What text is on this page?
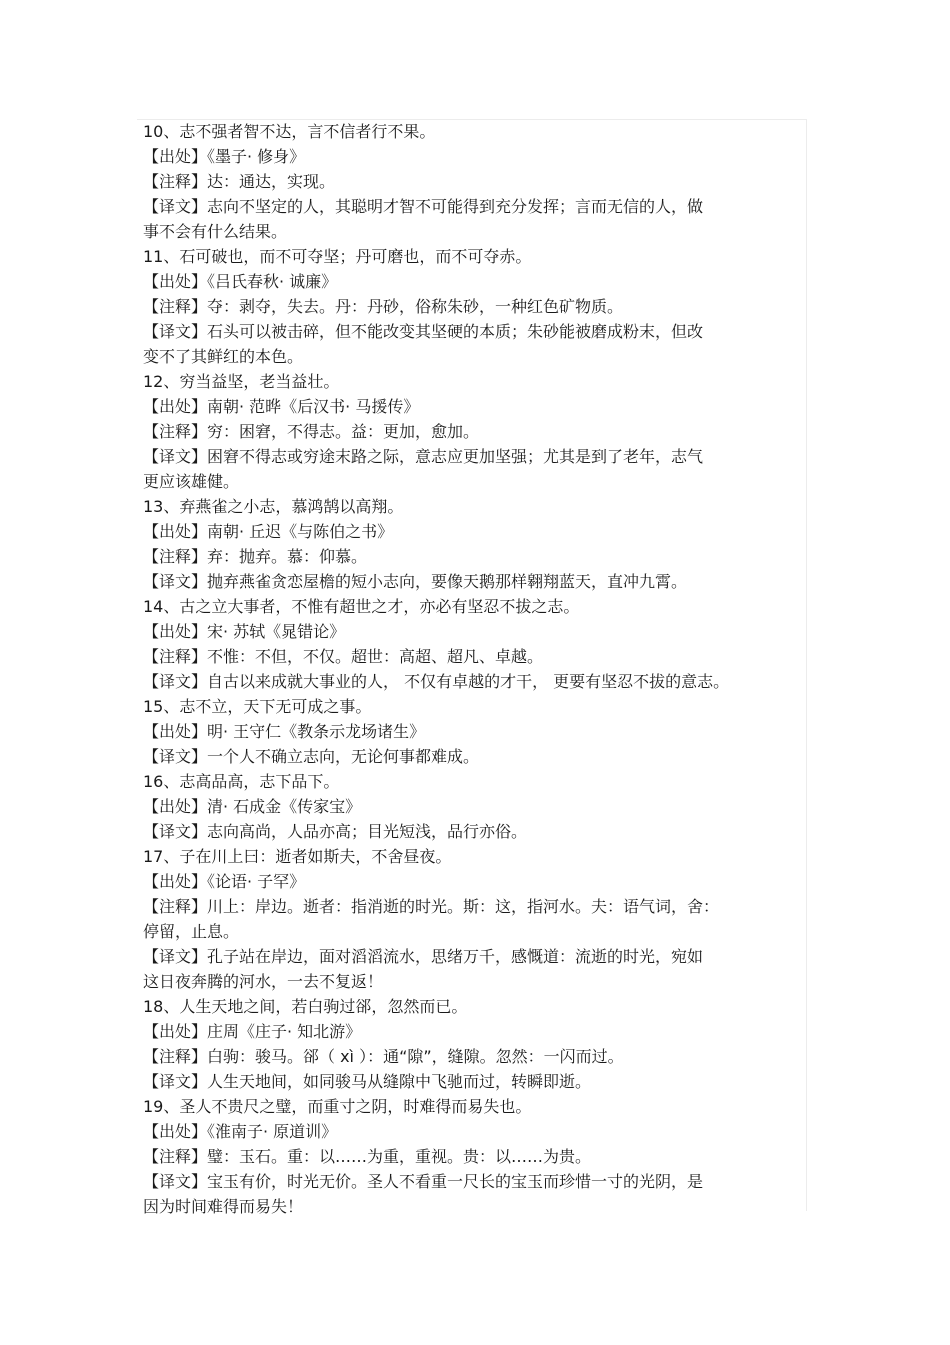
10、志不强者智不达，言不信者行不果。
【出处】《墨子· 修身》
【注释】达：通达，实现。
【译文】志向不坚定的人，其聪明才智不可能得到充分发挥；言而无信的人，做
事不会有什么结果。
11、石可破也，而不可夺坚；丹可磨也，而不可夺赤。
【出处】《吕氏春秋· 诚廉》
【注释】夺：剥夺，失去。丹：丹砂，俗称朱砂，一种红色矿物质。
【译文】石头可以被击碎，但不能改变其坚硬的本质；朱砂能被磨成粉末，但改
变不了其鲜红的本色。
12、穷当益坚，老当益壮。
【出处】南朝· 范晔《后汉书· 马援传》
【注释】穷：困窘，不得志。益：更加，愈加。
【译文】困窘不得志或穷途末路之际，意志应更加坚强；尤其是到了老年，志气
更应该雄健。
13、弃燕雀之小志，慕鸿鹄以高翔。
【出处】南朝· 丘迟《与陈伯之书》
【注释】弃：抛弃。慕：仰慕。
【译文】抛弃燕雀贪恋屋檐的短小志向，要像天鹅那样翱翔蓝天，直冲九霄。
14、古之立大事者，不惟有超世之才，亦必有坚忍不拔之志。
【出处】宋· 苏轼《晁错论》
【注释】不惟：不但，不仅。超世：高超、超凡、卓越。
【译文】自古以来成就大事业的人， 不仅有卓越的才干， 更要有坚忍不拔的意志。
15、志不立，天下无可成之事。
【出处】明· 王守仁《教条示龙场诸生》
【译文】一个人不确立志向，无论何事都难成。
16、志高品高，志下品下。
【出处】清· 石成金《传家宝》
【译文】志向高尚，人品亦高；目光短浅，品行亦俗。
17、子在川上曰：逝者如斯夫，不舍昼夜。
【出处】《论语· 子罕》
【注释】川上：岸边。逝者：指消逝的时光。斯：这，指河水。夫：语气词，舍：
停留，止息。
【译文】孔子站在岸边，面对滔滔流水，思绪万千，感慨道：流逝的时光，宛如
这日夜奔腾的河水，一去不复返！
18、人生天地之间，若白驹过郤，忽然而已。
【出处】庄周《庄子· 知北游》
【注释】白驹：骏马。郤（ xì ）：通“隙”，缝隙。忽然：一闪而过。
【译文】人生天地间，如同骏马从缝隙中飞驰而过，转瞬即逝。
19、圣人不贵尺之璧，而重寸之阴，时难得而易失也。
【出处】《淮南子· 原道训》
【注释】璧：玉石。重：以……为重，重视。贵：以……为贵。
【译文】宝玉有价，时光无价。圣人不看重一尺长的宝玉而珍惜一寸的光阴，是
因为时间难得而易失！
